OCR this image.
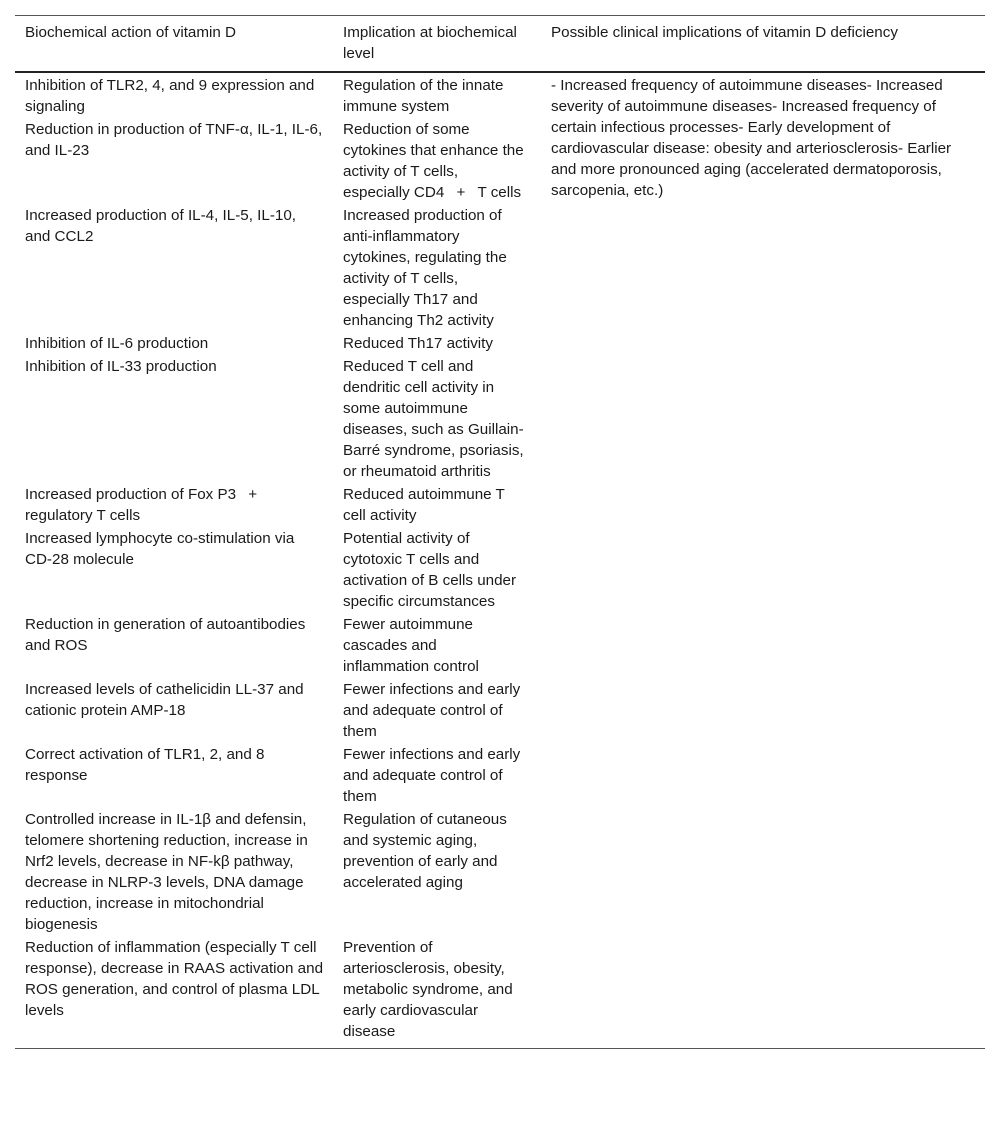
Biochemical action of vitamin D	Implication at biochemical level	Possible clinical implications of vitamin D deficiency
Inhibition of TLR2, 4, and 9 expression and signaling	Regulation of the innate immune system	- Increased frequency of autoimmune diseases- Increased severity of autoimmune diseases- Increased frequency of certain infectious processes- Early development of cardiovascular disease: obesity and arteriosclerosis- Earlier and more pronounced aging (accelerated dermatoporosis, sarcopenia, etc.)
Reduction in production of TNF-α, IL-1, IL-6, and IL-23	Reduction of some cytokines that enhance the activity of T cells, especially CD4    +    T cells	
Increased production of IL-4, IL-5, IL-10, and CCL2	Increased production of anti-inflammatory cytokines, regulating the activity of T cells, especially Th17 and enhancing Th2 activity	
Inhibition of IL-6 production	Reduced Th17 activity	
Inhibition of IL-33 production	Reduced T cell and dendritic cell activity in some autoimmune diseases, such as Guillain-Barré syndrome, psoriasis, or rheumatoid arthritis	
Increased production of Fox P3    +    regulatory T cells	Reduced autoimmune T cell activity	
Increased lymphocyte co-stimulation via CD-28 molecule	Potential activity of cytotoxic T cells and activation of B cells under specific circumstances	
Reduction in generation of autoantibodies and ROS	Fewer autoimmune cascades and inflammation control	
Increased levels of cathelicidin LL-37 and cationic protein AMP-18	Fewer infections and early and adequate control of them	
Correct activation of TLR1, 2, and 8 response	Fewer infections and early and adequate control of them	
Controlled increase in IL-1β and defensin, telomere shortening reduction, increase in Nrf2 levels, decrease in NF-kβ pathway, decrease in NLRP-3 levels, DNA damage reduction, increase in mitochondrial biogenesis	Regulation of cutaneous and systemic aging, prevention of early and accelerated aging	
Reduction of inflammation (especially T cell response), decrease in RAAS activation and ROS generation, and control of plasma LDL levels	Prevention of arteriosclerosis, obesity, metabolic syndrome, and early cardiovascular disease	
